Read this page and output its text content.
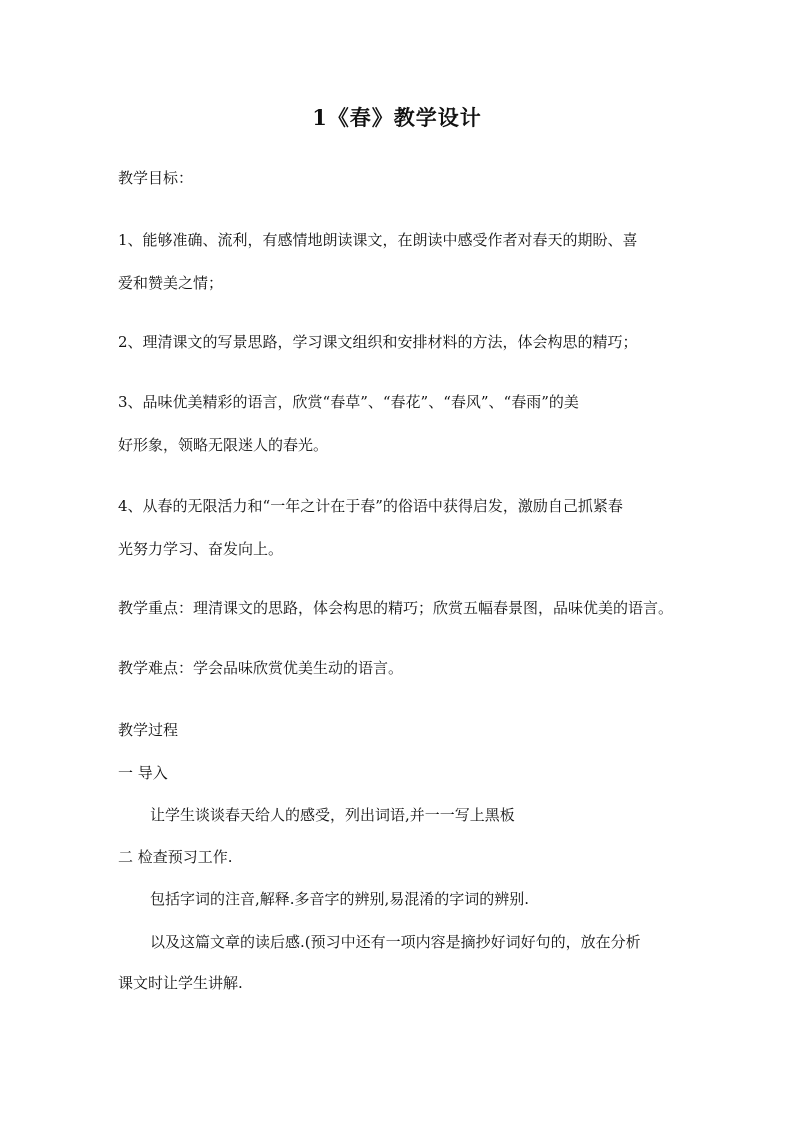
1《春》教学设计
教学目标：
1、能够准确、流利，有感情地朗读课文，在朗读中感受作者对春天的期盼、喜
爱和赞美之情；
2、理清课文的写景思路，学习课文组织和安排材料的方法，体会构思的精巧；
3、品味优美精彩的语言，欣赏“春草”、“春花”、“春风”、“春雨”的美
好形象，领略无限迷人的春光。
4、从春的无限活力和“一年之计在于春”的俗语中获得启发，激励自己抓紧春
光努力学习、奋发向上。
教学重点：理清课文的思路，体会构思的精巧；欣赏五幅春景图，品味优美的语言。
教学难点：学会品味欣赏优美生动的语言。
教学过程
一 导入
让学生谈谈春天给人的感受，列出词语,并一一写上黑板
二 检查预习工作.
包括字词的注音,解释.多音字的辨别,易混淆的字词的辨别.
以及这篇文章的读后感.(预习中还有一项内容是摘抄好词好句的，放在分析
课文时让学生讲解.
